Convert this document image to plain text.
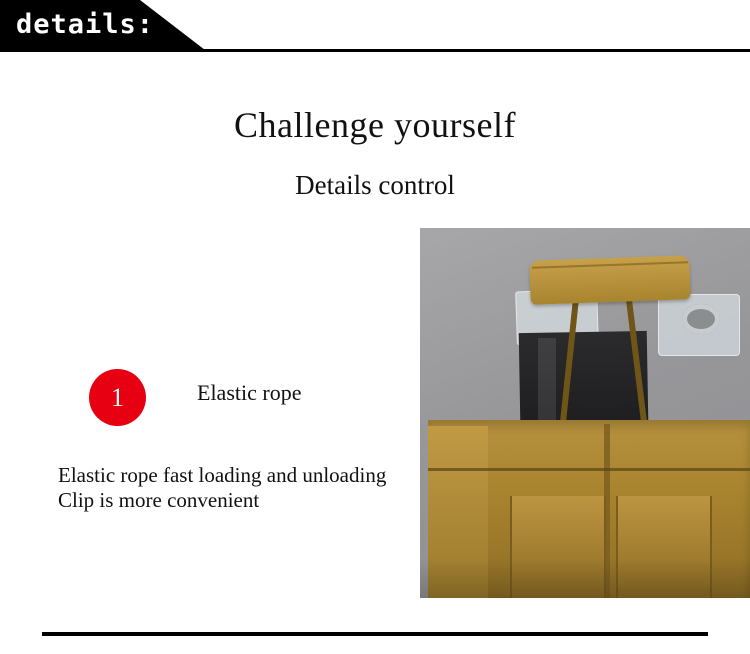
details:
Challenge yourself
Details control
1	Elastic rope
Elastic rope fast loading and unloading Clip is more convenient
